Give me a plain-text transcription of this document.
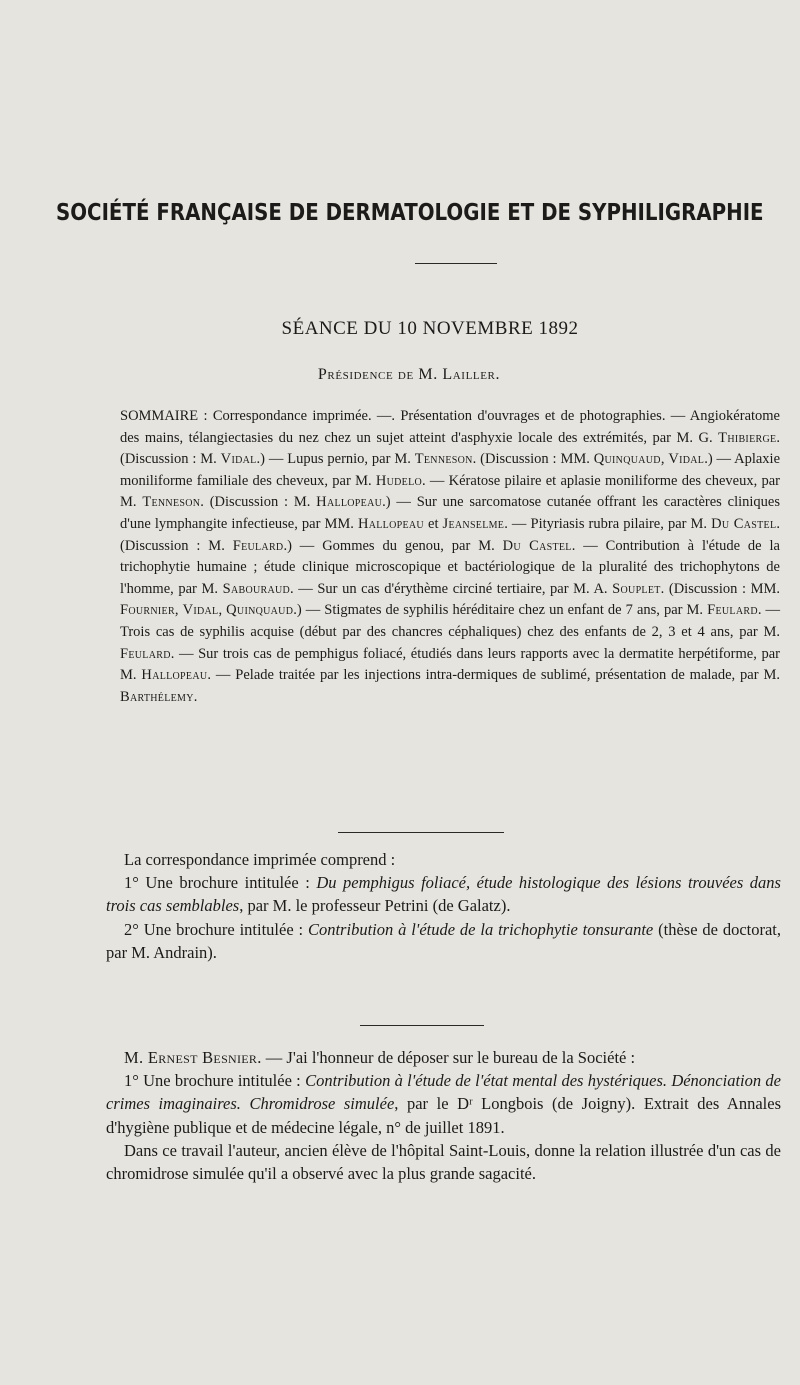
SOCIÉTÉ FRANÇAISE DE DERMATOLOGIE ET DE SYPHILIGRAPHIE
SÉANCE DU 10 NOVEMBRE 1892
Présidence de M. Lailler.
SOMMAIRE : Correspondance imprimée. —. Présentation d'ouvrages et de photographies. — Angiokératome des mains, télangiectasies du nez chez un sujet atteint d'asphyxie locale des extrémités, par M. G. Thibierge. (Discussion : M. Vidal.) — Lupus pernio, par M. Tenneson. (Discussion : MM. Quinquaud, Vidal.) — Aplaxie moniliforme familiale des cheveux, par M. Hudelo. — Kératose pilaire et aplasie moniliforme des cheveux, par M. Tenneson. (Discussion : M. Hallopeau.) — Sur une sarcomatose cutanée offrant les caractères cliniques d'une lymphangite infectieuse, par MM. Hallopeau et Jeanselme. — Pityriasis rubra pilaire, par M. Du Castel. (Discussion : M. Feulard.) — Gommes du genou, par M. Du Castel. — Contribution à l'étude de la trichophytie humaine ; étude clinique microscopique et bactériologique de la pluralité des trichophytons de l'homme, par M. Sabouraud. — Sur un cas d'érythème circiné tertiaire, par M. A. Souplet. (Discussion : MM. Fournier, Vidal, Quinquaud.) — Stigmates de syphilis héréditaire chez un enfant de 7 ans, par M. Feulard. — Trois cas de syphilis acquise (début par des chancres céphaliques) chez des enfants de 2, 3 et 4 ans, par M. Feulard. — Sur trois cas de pemphigus foliacé, étudiés dans leurs rapports avec la dermatite herpétiforme, par M. Hallopeau. — Pelade traitée par les injections intra-dermiques de sublimé, présentation de malade, par M. Barthélemy.

La correspondance imprimée comprend :

1° Une brochure intitulée : Du pemphigus foliacé, étude histologique des lésions trouvées dans trois cas semblables, par M. le professeur Petrini (de Galatz).

2° Une brochure intitulée : Contribution à l'étude de la trichophytie tonsurante (thèse de doctorat, par M. Andrain).

M. Ernest Besnier. — J'ai l'honneur de déposer sur le bureau de la Société :

1° Une brochure intitulée : Contribution à l'étude de l'état mental des hystériques. Dénonciation de crimes imaginaires. Chromidrose simulée, par le Dʳ Longbois (de Joigny). Extrait des Annales d'hygiène publique et de médecine légale, n° de juillet 1891.

Dans ce travail l'auteur, ancien élève de l'hôpital Saint-Louis, donne la relation illustrée d'un cas de chromidrose simulée qu'il a observé avec la plus grande sagacité.
